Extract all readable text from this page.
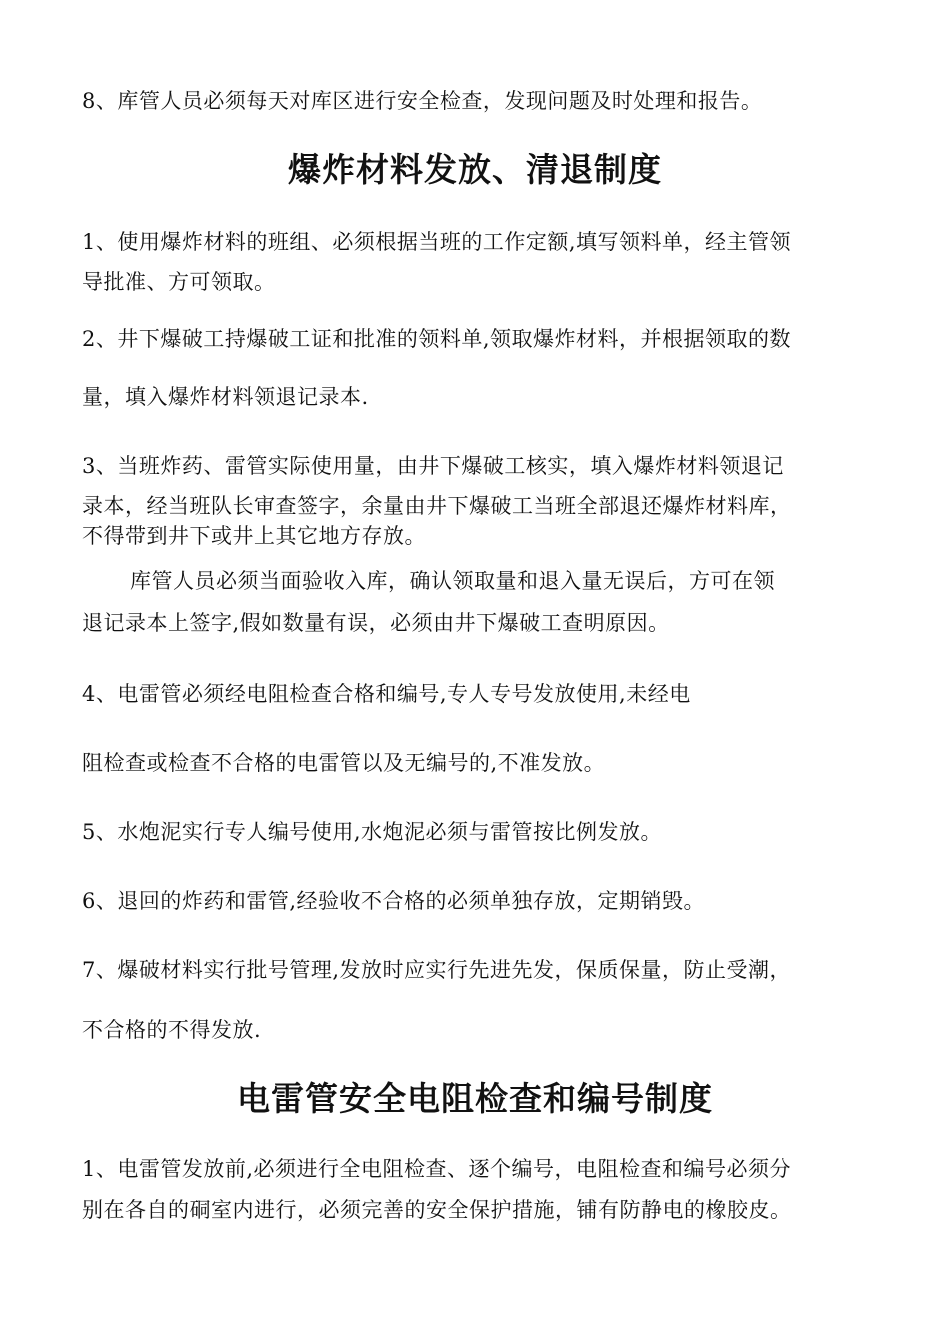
8、库管人员必须每天对库区进行安全检查，发现问题及时处理和报告。
爆炸材料发放、清退制度
1、使用爆炸材料的班组、必须根据当班的工作定额,填写领料单，经主管领
导批准、方可领取。
2、井下爆破工持爆破工证和批准的领料单,领取爆炸材料，并根据领取的数
量，填入爆炸材料领退记录本.
3、当班炸药、雷管实际使用量，由井下爆破工核实，填入爆炸材料领退记
录本，经当班队长审查签字，余量由井下爆破工当班全部退还爆炸材料库，
不得带到井下或井上其它地方存放。
库管人员必须当面验收入库，确认领取量和退入量无误后，方可在领
退记录本上签字,假如数量有误，必须由井下爆破工查明原因。
4、电雷管必须经电阻检查合格和编号,专人专号发放使用,未经电
阻检查或检查不合格的电雷管以及无编号的,不准发放。
5、水炮泥实行专人编号使用,水炮泥必须与雷管按比例发放。
6、退回的炸药和雷管,经验收不合格的必须单独存放，定期销毁。
7、爆破材料实行批号管理,发放时应实行先进先发，保质保量，防止受潮，
不合格的不得发放.
电雷管安全电阻检查和编号制度
1、电雷管发放前,必须进行全电阻检查、逐个编号，电阻检查和编号必须分
别在各自的硐室内进行，必须完善的安全保护措施，铺有防静电的橡胶皮。
